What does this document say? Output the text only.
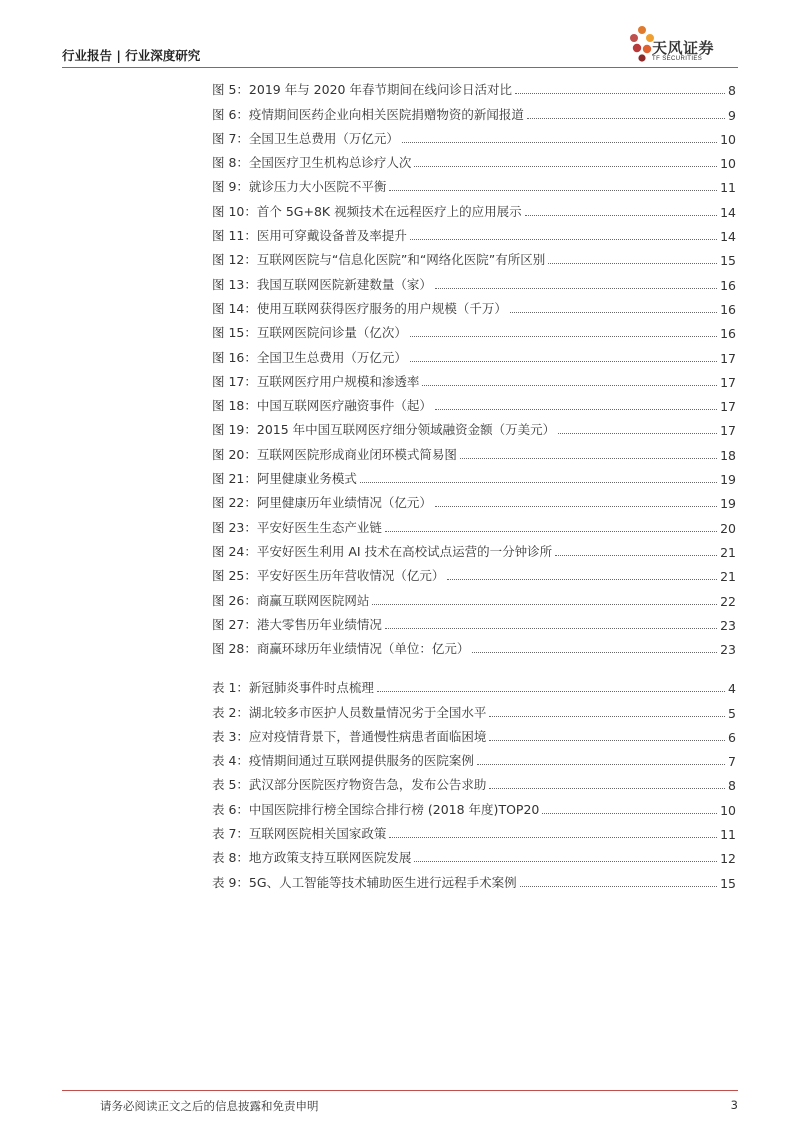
行业报告 | 行业深度研究	天风证券
TF SECURITIES
图 5：2019 年与 2020 年春节期间在线问诊日活对比	8
图 6：疫情期间医药企业向相关医院捐赠物资的新闻报道	9
图 7：全国卫生总费用（万亿元）	10
图 8：全国医疗卫生机构总诊疗人次	10
图 9：就诊压力大小医院不平衡	11
图 10：首个 5G+8K 视频技术在远程医疗上的应用展示	14
图 11：医用可穿戴设备普及率提升	14
图 12：互联网医院与“信息化医院”和“网络化医院”有所区别	15
图 13：我国互联网医院新建数量（家）	16
图 14：使用互联网获得医疗服务的用户规模（千万）	16
图 15：互联网医院问诊量（亿次）	16
图 16：全国卫生总费用（万亿元）	17
图 17：互联网医疗用户规模和渗透率	17
图 18：中国互联网医疗融资事件（起）	17
图 19：2015 年中国互联网医疗细分领域融资金额（万美元）	17
图 20：互联网医院形成商业闭环模式简易图	18
图 21：阿里健康业务模式	19
图 22：阿里健康历年业绩情况（亿元）	19
图 23：平安好医生生态产业链	20
图 24：平安好医生利用 AI 技术在高校试点运营的一分钟诊所	21
图 25：平安好医生历年营收情况（亿元）	21
图 26：商赢互联网医院网站	22
图 27：港大零售历年业绩情况	23
图 28：商赢环球历年业绩情况（单位：亿元）	23
表 1：新冠肺炎事件时点梳理	4
表 2：湖北较多市医护人员数量情况劣于全国水平	5
表 3：应对疫情背景下，普通慢性病患者面临困境	6
表 4：疫情期间通过互联网提供服务的医院案例	7
表 5：武汉部分医院医疗物资告急，发布公告求助	8
表 6：中国医院排行榜全国综合排行榜 (2018 年度)TOP20	10
表 7：互联网医院相关国家政策	11
表 8：地方政策支持互联网医院发展	12
表 9：5G、人工智能等技术辅助医生进行远程手术案例	15
请务必阅读正文之后的信息披露和免责申明	3
